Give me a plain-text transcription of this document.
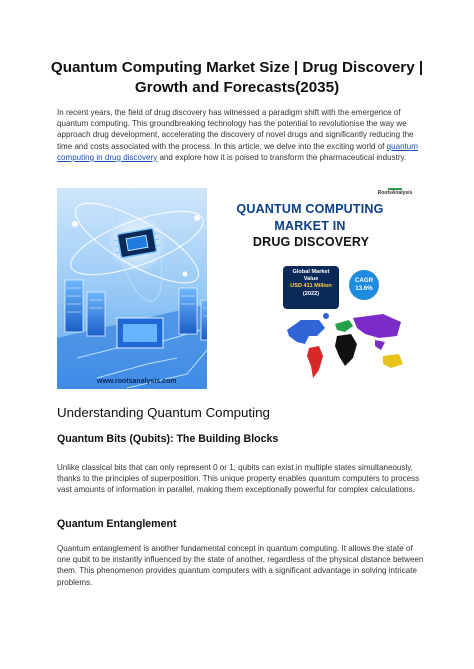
Quantum Computing Market Size | Drug Discovery | Growth and Forecasts(2035)
In recent years, the field of drug discovery has witnessed a paradigm shift with the emergence of quantum computing. This groundbreaking technology has the potential to revolutionise the way we approach drug development, accelerating the discovery of novel drugs and significantly reducing the time and costs associated with the process. In this article, we delve into the exciting world of quantum computing in drug discovery and explore how it is poised to transform the pharmaceutical industry.
RootsAnalysis
QUANTUM COMPUTING
MARKET IN
DRUG DISCOVERY
Global Market
Value
USD 411 Million
(2022)
CAGR
13.6%
www.rootsanalysis.com
Understanding Quantum Computing
Quantum Bits (Qubits): The Building Blocks
Unlike classical bits that can only represent 0 or 1, qubits can exist in multiple states simultaneously, thanks to the principles of superposition. This unique property enables quantum computers to process vast amounts of information in parallel, making them exceptionally powerful for complex calculations.
Quantum Entanglement
Quantum entanglement is another fundamental concept in quantum computing. It allows the state of one qubit to be instantly influenced by the state of another, regardless of the physical distance between them. This phenomenon provides quantum computers with a significant advantage in solving intricate problems.
